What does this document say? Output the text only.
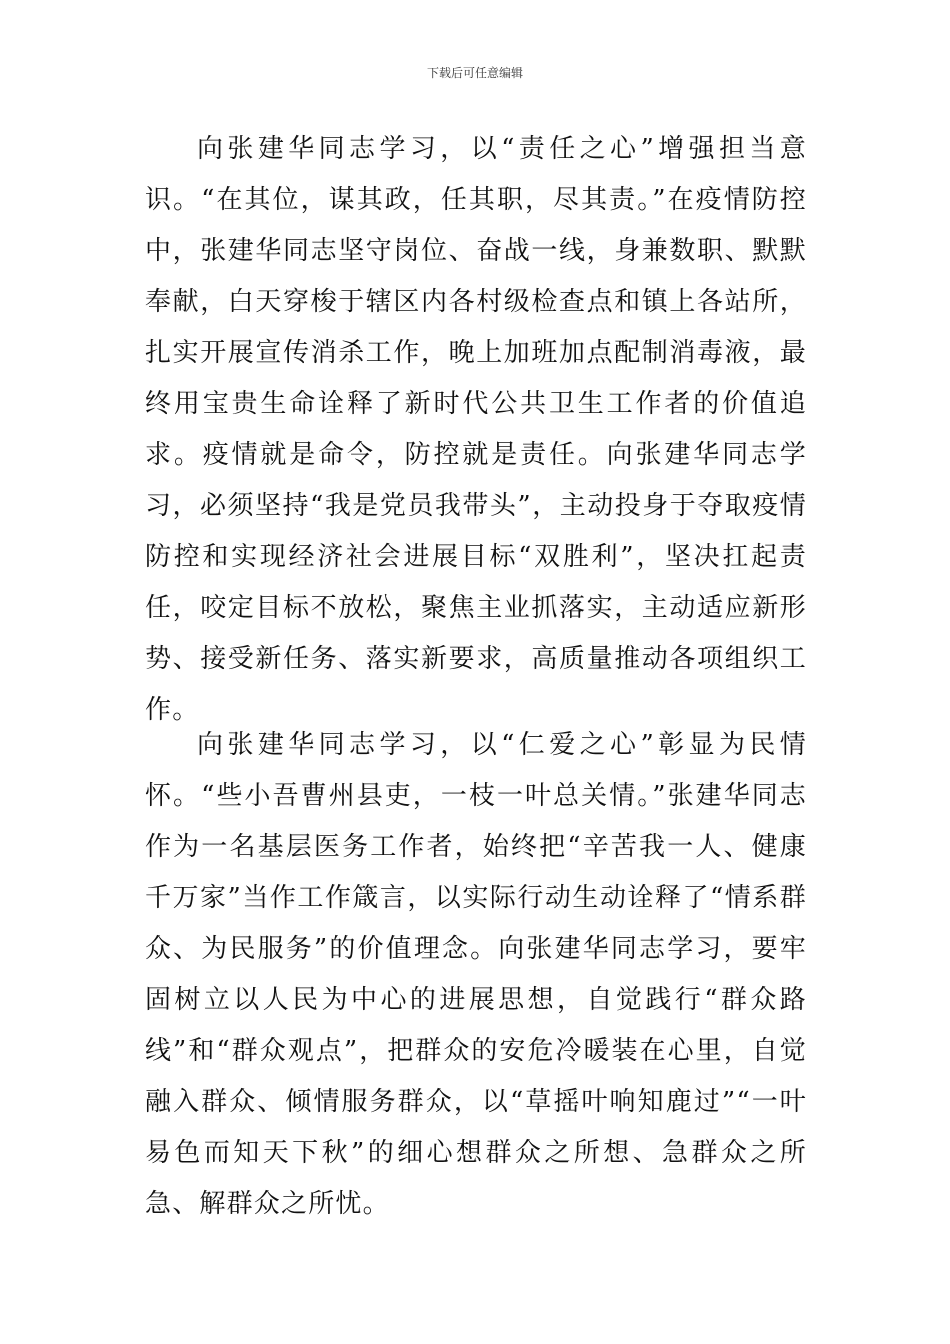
下载后可任意编辑

向张建华同志学习，以“责任之心”增强担当意识。“在其位，谋其政，任其职，尽其责。”在疫情防控中，张建华同志坚守岗位、奋战一线，身兼数职、默默奉献，白天穿梭于辖区内各村级检查点和镇上各站所，扎实开展宣传消杀工作，晚上加班加点配制消毒液，最终用宝贵生命诠释了新时代公共卫生工作者的价值追求。疫情就是命令，防控就是责任。向张建华同志学习，必须坚持“我是党员我带头”，主动投身于夺取疫情防控和实现经济社会进展目标“双胜利”，坚决扛起责任，咬定目标不放松，聚焦主业抓落实，主动适应新形势、接受新任务、落实新要求，高质量推动各项组织工作。

向张建华同志学习，以“仁爱之心”彰显为民情怀。“些小吾曹州县吏，一枝一叶总关情。”张建华同志作为一名基层医务工作者，始终把“辛苦我一人、健康千万家”当作工作箴言，以实际行动生动诠释了“情系群众、为民服务”的价值理念。向张建华同志学习，要牢固树立以人民为中心的进展思想，自觉践行“群众路线”和“群众观点”，把群众的安危冷暖装在心里，自觉融入群众、倾情服务群众，以“草摇叶响知鹿过”“一叶易色而知天下秋”的细心想群众之所想、急群众之所急、解群众之所忧。
